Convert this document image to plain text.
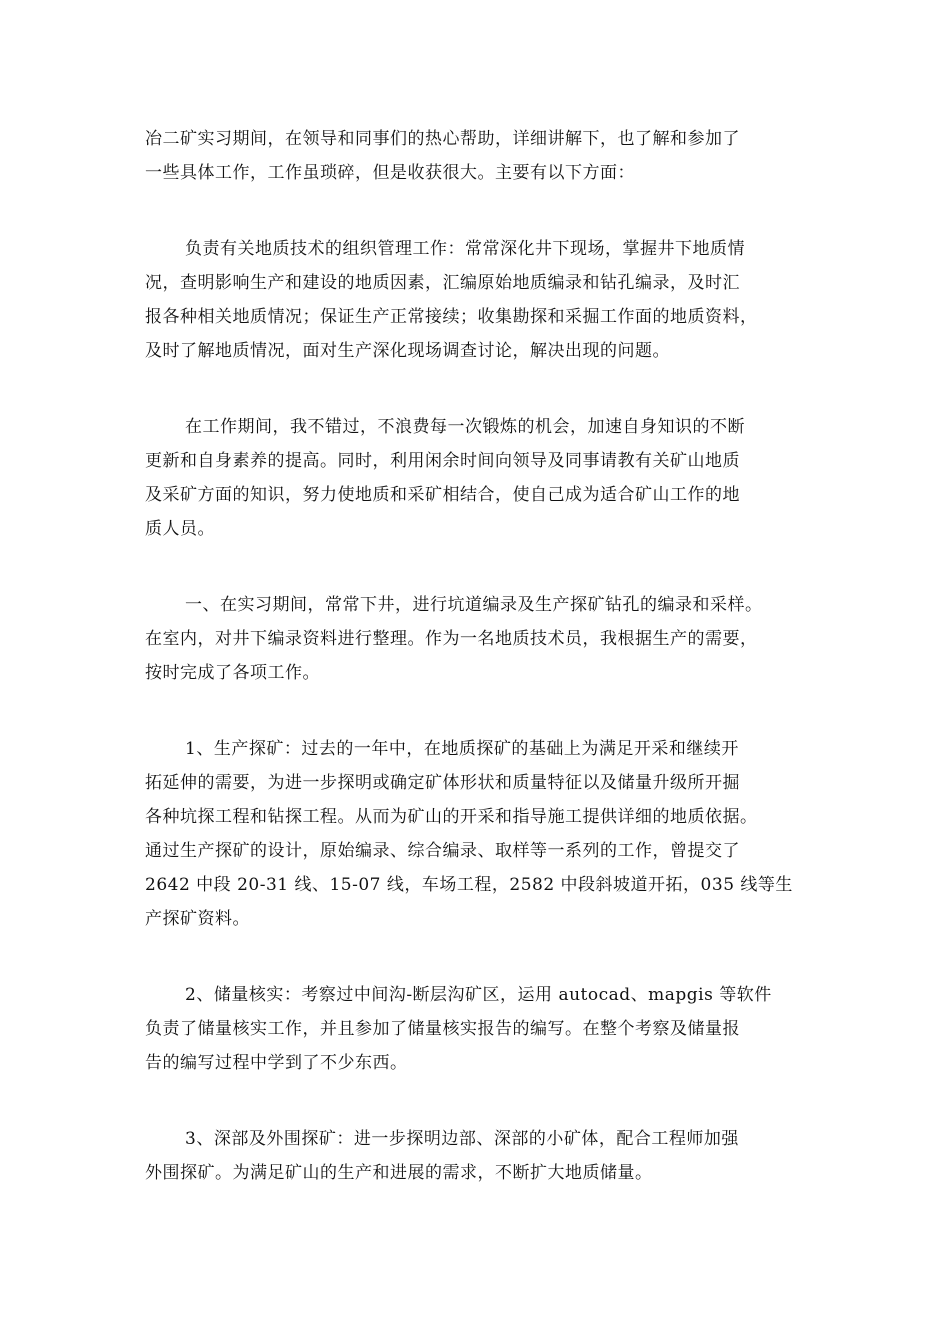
冶二矿实习期间，在领导和同事们的热心帮助，详细讲解下，也了解和参加了
一些具体工作，工作虽琐碎，但是收获很大。主要有以下方面：
负责有关地质技术的组织管理工作：常常深化井下现场，掌握井下地质情
况，查明影响生产和建设的地质因素，汇编原始地质编录和钻孔编录，及时汇
报各种相关地质情况；保证生产正常接续；收集勘探和采掘工作面的地质资料，
及时了解地质情况，面对生产深化现场调查讨论，解决出现的问题。
在工作期间，我不错过，不浪费每一次锻炼的机会，加速自身知识的不断
更新和自身素养的提高。同时，利用闲余时间向领导及同事请教有关矿山地质
及采矿方面的知识，努力使地质和采矿相结合，使自己成为适合矿山工作的地
质人员。
一、在实习期间，常常下井，进行坑道编录及生产探矿钻孔的编录和采样。
在室内，对井下编录资料进行整理。作为一名地质技术员，我根据生产的需要，
按时完成了各项工作。
1、生产探矿：过去的一年中，在地质探矿的基础上为满足开采和继续开
拓延伸的需要，为进一步探明或确定矿体形状和质量特征以及储量升级所开掘
各种坑探工程和钻探工程。从而为矿山的开采和指导施工提供详细的地质依据。
通过生产探矿的设计，原始编录、综合编录、取样等一系列的工作，曾提交了
2642 中段 20-31 线、15-07 线，车场工程，2582 中段斜坡道开拓，035 线等生
产探矿资料。
2、储量核实：考察过中间沟-断层沟矿区，运用 autocad、mapgis 等软件
负责了储量核实工作，并且参加了储量核实报告的编写。在整个考察及储量报
告的编写过程中学到了不少东西。
3、深部及外围探矿：进一步探明边部、深部的小矿体，配合工程师加强
外围探矿。为满足矿山的生产和进展的需求，不断扩大地质储量。
